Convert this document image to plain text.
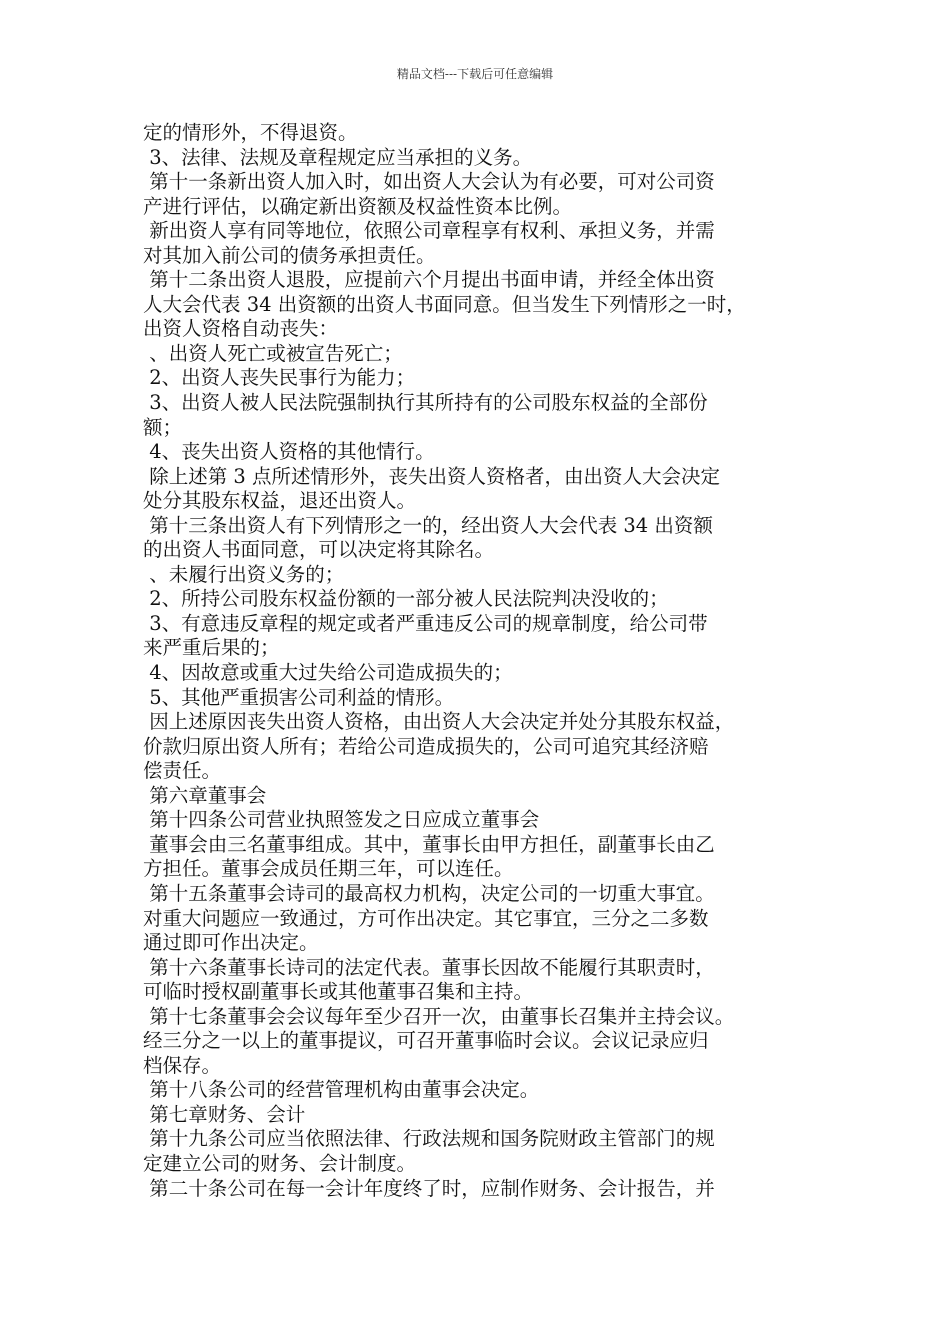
精品文档---下载后可任意编辑
定的情形外，不得退资。
3、法律、法规及章程规定应当承担的义务。
第十一条新出资人加入时，如出资人大会认为有必要，可对公司资
产进行评估，以确定新出资额及权益性资本比例。
新出资人享有同等地位，依照公司章程享有权利、承担义务，并需
对其加入前公司的债务承担责任。
第十二条出资人退股，应提前六个月提出书面申请，并经全体出资
人大会代表 34 出资额的出资人书面同意。但当发生下列情形之一时，
出资人资格自动丧失：
、出资人死亡或被宣告死亡；
2、出资人丧失民事行为能力；
3、出资人被人民法院强制执行其所持有的公司股东权益的全部份
额；
4、丧失出资人资格的其他情行。
除上述第 3 点所述情形外，丧失出资人资格者，由出资人大会决定
处分其股东权益，退还出资人。
第十三条出资人有下列情形之一的，经出资人大会代表 34 出资额
的出资人书面同意，可以决定将其除名。
、未履行出资义务的；
2、所持公司股东权益份额的一部分被人民法院判决没收的；
3、有意违反章程的规定或者严重违反公司的规章制度，给公司带
来严重后果的；
4、因故意或重大过失给公司造成损失的；
5、其他严重损害公司利益的情形。
因上述原因丧失出资人资格，由出资人大会决定并处分其股东权益，
价款归原出资人所有；若给公司造成损失的，公司可追究其经济赔
偿责任。
第六章董事会
第十四条公司营业执照签发之日应成立董事会
董事会由三名董事组成。其中，董事长由甲方担任，副董事长由乙
方担任。董事会成员任期三年，可以连任。
第十五条董事会诗司的最高权力机构，决定公司的一切重大事宜。
对重大问题应一致通过，方可作出决定。其它事宜，三分之二多数
通过即可作出决定。
第十六条董事长诗司的法定代表。董事长因故不能履行其职责时，
可临时授权副董事长或其他董事召集和主持。
第十七条董事会会议每年至少召开一次，由董事长召集并主持会议。
经三分之一以上的董事提议，可召开董事临时会议。会议记录应归
档保存。
第十八条公司的经营管理机构由董事会决定。
第七章财务、会计
第十九条公司应当依照法律、行政法规和国务院财政主管部门的规
定建立公司的财务、会计制度。
第二十条公司在每一会计年度终了时，应制作财务、会计报告，并
